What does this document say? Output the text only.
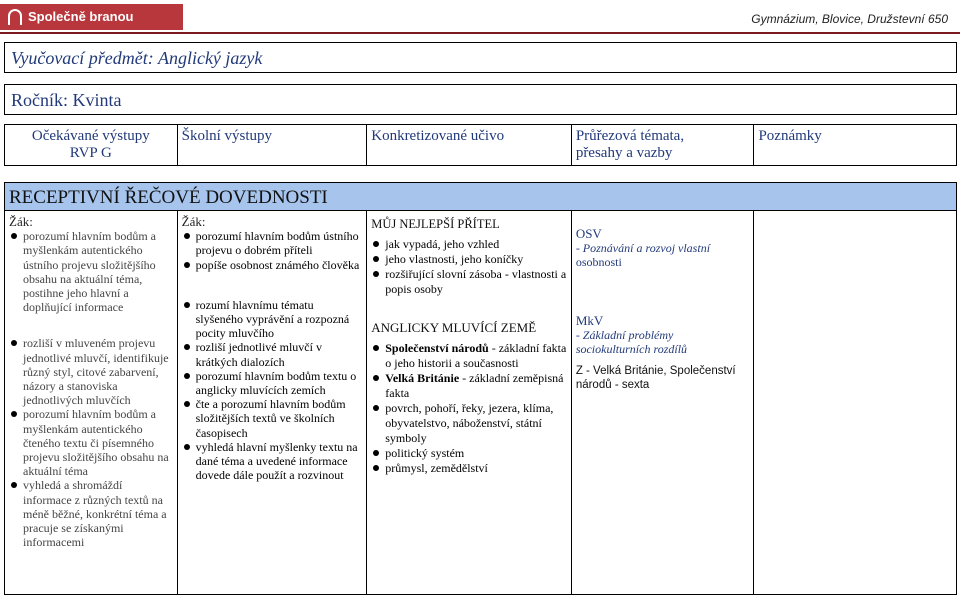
Společně branou poznání
Gymnázium, Blovice, Družstevní 650
Vyučovací předmět: Anglický jazyk
Ročník: Kvinta
Očekávané výstupy
RVP G
Školní výstupy	Konkretizované učivo	Průřezová témata,
přesahy a vazby
Poznámky
RECEPTIVNÍ ŘEČOVÉ DOVEDNOSTI
Žák:
porozumí hlavním bodům a myšlenkám autentického ústního projevu složitějšího obsahu na aktuální téma, postihne jeho hlavní a doplňující informace
rozliší v mluveném projevu jednotlivé mluvčí, identifikuje různý styl, citové zabarvení, názory a stanoviska jednotlivých mluvčích
porozumí hlavním bodům a myšlenkám autentického čteného textu či písemného projevu složitějšího obsahu na aktuální téma
vyhledá a shromáždí informace z různých textů na méně běžné, konkrétní téma a pracuje se získanými informacemi
Žák:
porozumí hlavním bodům ústního projevu o dobrém příteli
popíše osobnost známého člověka
rozumí hlavnímu tématu slyšeného vyprávění a rozpozná pocity mluvčího
rozliší jednotlivé mluvčí v krátkých dialozích
porozumí hlavním bodům textu o anglicky mluvících zemích
čte a porozumí hlavním bodům složitějších textů ve školních časopisech
vyhledá hlavní myšlenky textu na dané téma a uvedené informace dovede dále použít a rozvinout
MŮJ NEJLEPŠÍ PŘÍTEL
jak vypadá, jeho vzhled
jeho vlastnosti, jeho koníčky
rozšiřující slovní zásoba - vlastnosti a popis osoby
ANGLICKY MLUVÍCÍ ZEMĚ
Společenství národů - základní fakta o jeho historii a současnosti
Velká Británie - základní zeměpisná fakta
povrch, pohoří, řeky, jezera, klíma, obyvatelstvo, náboženství, státní symboly
politický systém
průmysl, zemědělství
OSV
- Poznávání a rozvoj vlastní
osobnosti
MkV
- Základní problémy sociokulturních rozdílů
Z - Velká Británie, Společenství národů - sexta
